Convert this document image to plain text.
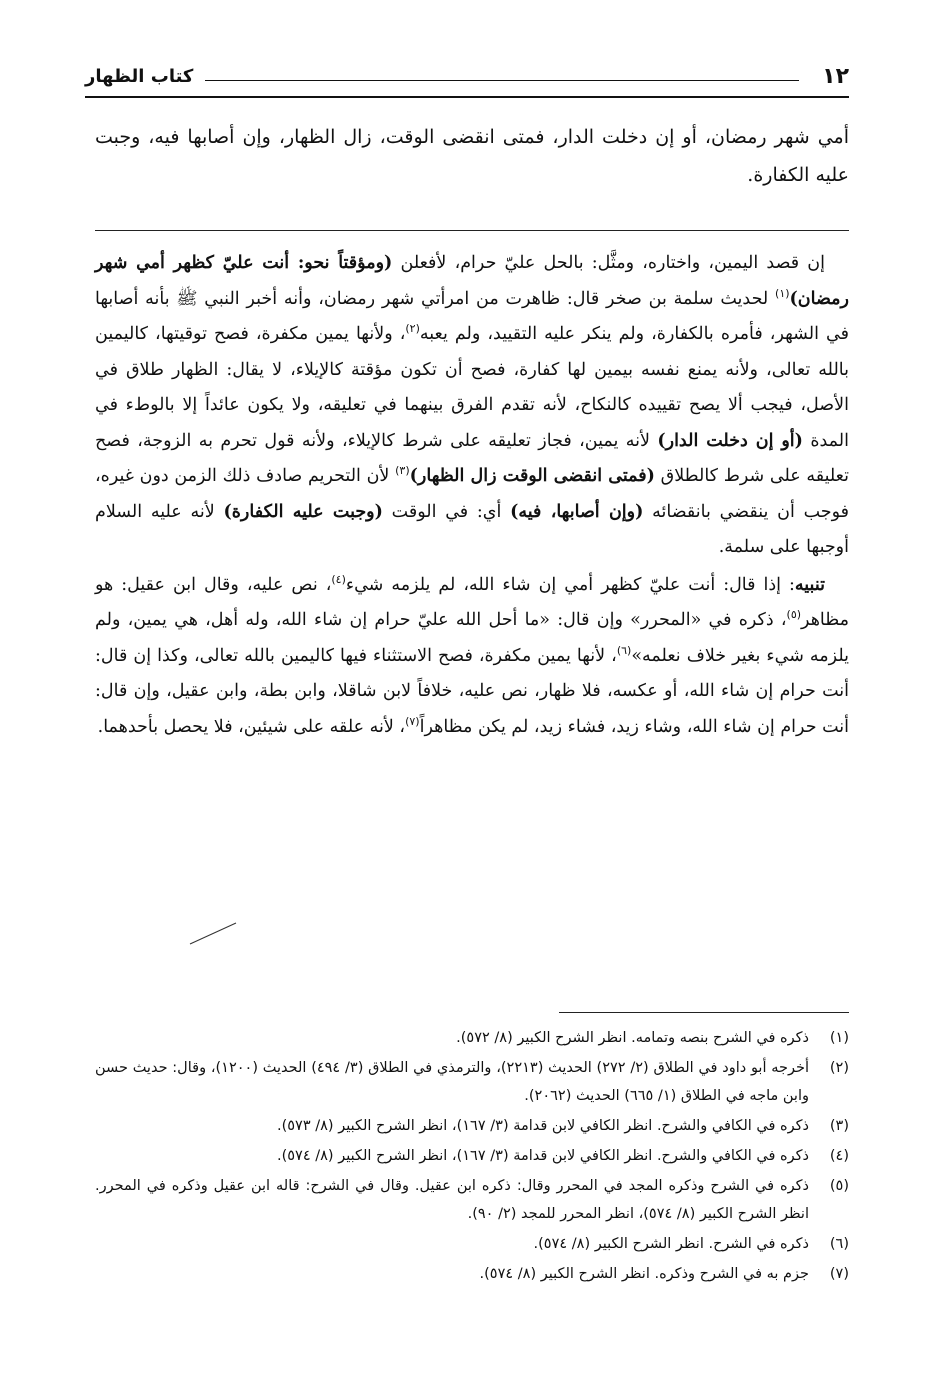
١٢
كتاب الظهار
أمي شهر رمضان، أو إن دخلت الدار، فمتى انقضى الوقت، زال الظهار، وإن أصابها فيه، وجبت عليه الكفارة.

إن قصد اليمين، واختاره، ومثَّل: بالحل عليّ حرام، لأفعلن (ومؤقتاً نحو: أنت عليّ كظهر أمي شهر رمضان)$^{(١)}$ لحديث سلمة بن صخر قال: ظاهرت من امرأتي شهر رمضان، وأنه أخبر النبي ﷺ بأنه أصابها في الشهر، فأمره بالكفارة، ولم ينكر عليه التقييد، ولم يعبه$^{(٢)}$، ولأنها يمين مكفرة، فصح توقيتها، كاليمين بالله تعالى، ولأنه يمنع نفسه بيمين لها كفارة، فصح أن تكون مؤقتة كالإيلاء، لا يقال: الظهار طلاق في الأصل، فيجب ألا يصح تقييده كالنكاح، لأنه تقدم الفرق بينهما في تعليقه، ولا يكون عائداً إلا بالوطء في المدة (أو إن دخلت الدار) لأنه يمين، فجاز تعليقه على شرط كالإيلاء، ولأنه قول تحرم به الزوجة، فصح تعليقه على شرط كالطلاق (فمتى انقضى الوقت زال الظهار)$^{(٣)}$ لأن التحريم صادف ذلك الزمن دون غيره، فوجب أن ينقضي بانقضائه (وإن أصابها، فيه) أي: في الوقت (وجبت عليه الكفارة) لأنه عليه السلام أوجبها على سلمة.

تنبيه: إذا قال: أنت عليّ كظهر أمي إن شاء الله، لم يلزمه شيء$^{(٤)}$، نص عليه، وقال ابن عقيل: هو مظاهر$^{(٥)}$، ذكره في «المحرر» وإن قال: «ما أحل الله عليّ حرام إن شاء الله، وله أهل، هي يمين، ولم يلزمه شيء بغير خلاف نعلمه»$^{(٦)}$، لأنها يمين مكفرة، فصح الاستثناء فيها كاليمين بالله تعالى، وكذا إن قال: أنت حرام إن شاء الله، أو عكسه، فلا ظهار، نص عليه، خلافاً لابن شاقلا، وابن بطة، وابن عقيل، وإن قال: أنت حرام إن شاء الله، وشاء زيد، فشاء زيد، لم يكن مظاهراً$^{(٧)}$، لأنه علقه على شيئين، فلا يحصل بأحدهما.

(١)
ذكره في الشرح بنصه وتمامه. انظر الشرح الكبير (٨/ ٥٧٢).
(٢)
أخرجه أبو داود في الطلاق (٢/ ٢٧٢) الحديث (٢٢١٣)، والترمذي في الطلاق (٣/ ٤٩٤) الحديث (١٢٠٠)، وقال: حديث حسن وابن ماجه في الطلاق (١/ ٦٦٥) الحديث (٢٠٦٢).
(٣)
ذكره في الكافي والشرح. انظر الكافي لابن قدامة (٣/ ١٦٧)، انظر الشرح الكبير (٨/ ٥٧٣).
(٤)
ذكره في الكافي والشرح. انظر الكافي لابن قدامة (٣/ ١٦٧)، انظر الشرح الكبير (٨/ ٥٧٤).
(٥)
ذكره في الشرح وذكره المجد في المحرر وقال: ذكره ابن عقيل. وقال في الشرح: قاله ابن عقيل وذكره في المحرر. انظر الشرح الكبير (٨/ ٥٧٤)، انظر المحرر للمجد (٢/ ٩٠).
(٦)
ذكره في الشرح. انظر الشرح الكبير (٨/ ٥٧٤).
(٧)
جزم به في الشرح وذكره. انظر الشرح الكبير (٨/ ٥٧٤).
